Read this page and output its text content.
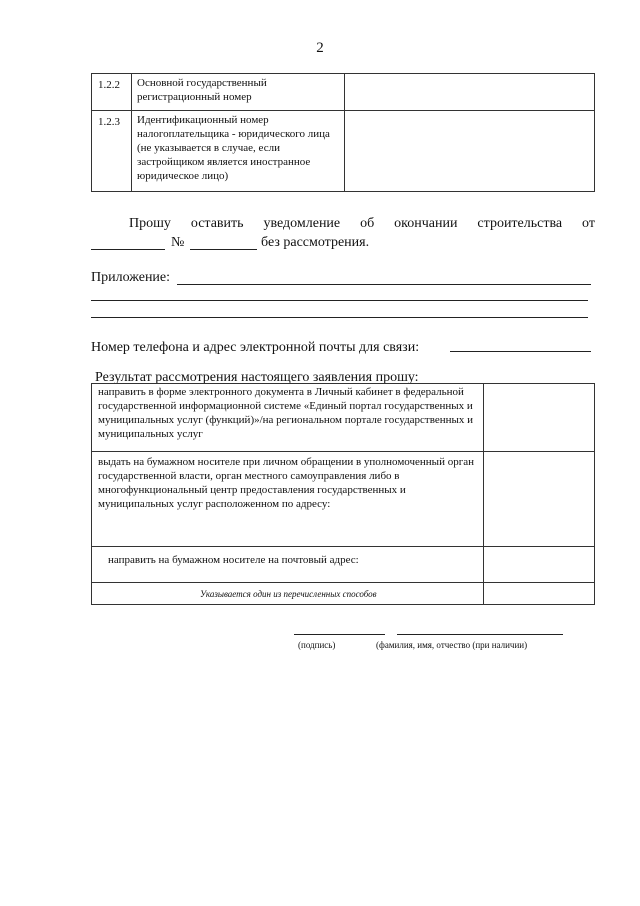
2
1.2.2	Основной государственный регистрационный номер	
1.2.3	Идентификационный номер налогоплательщика - юридического лица (не указывается в случае, если застройщиком является иностранное юридическое лицо)	
Прошу оставить уведомление об окончании строительства от
№	без рассмотрения.
Приложение:
Номер телефона и адрес электронной почты для связи:
Результат рассмотрения настоящего заявления прошу:
направить в форме электронного документа в Личный кабинет в федеральной государственной информационной системе «Единый портал государственных и муниципальных услуг (функций)»/на региональном портале государственных и муниципальных услуг	
выдать на бумажном носителе при личном обращении в уполномоченный орган государственной власти, орган местного самоуправления либо в многофункциональный центр предоставления государственных и муниципальных услуг расположенном по адресу:	
направить на бумажном носителе на почтовый адрес:	
Указывается один из перечисленных способов	
(подпись)	(фамилия, имя, отчество (при наличии)
